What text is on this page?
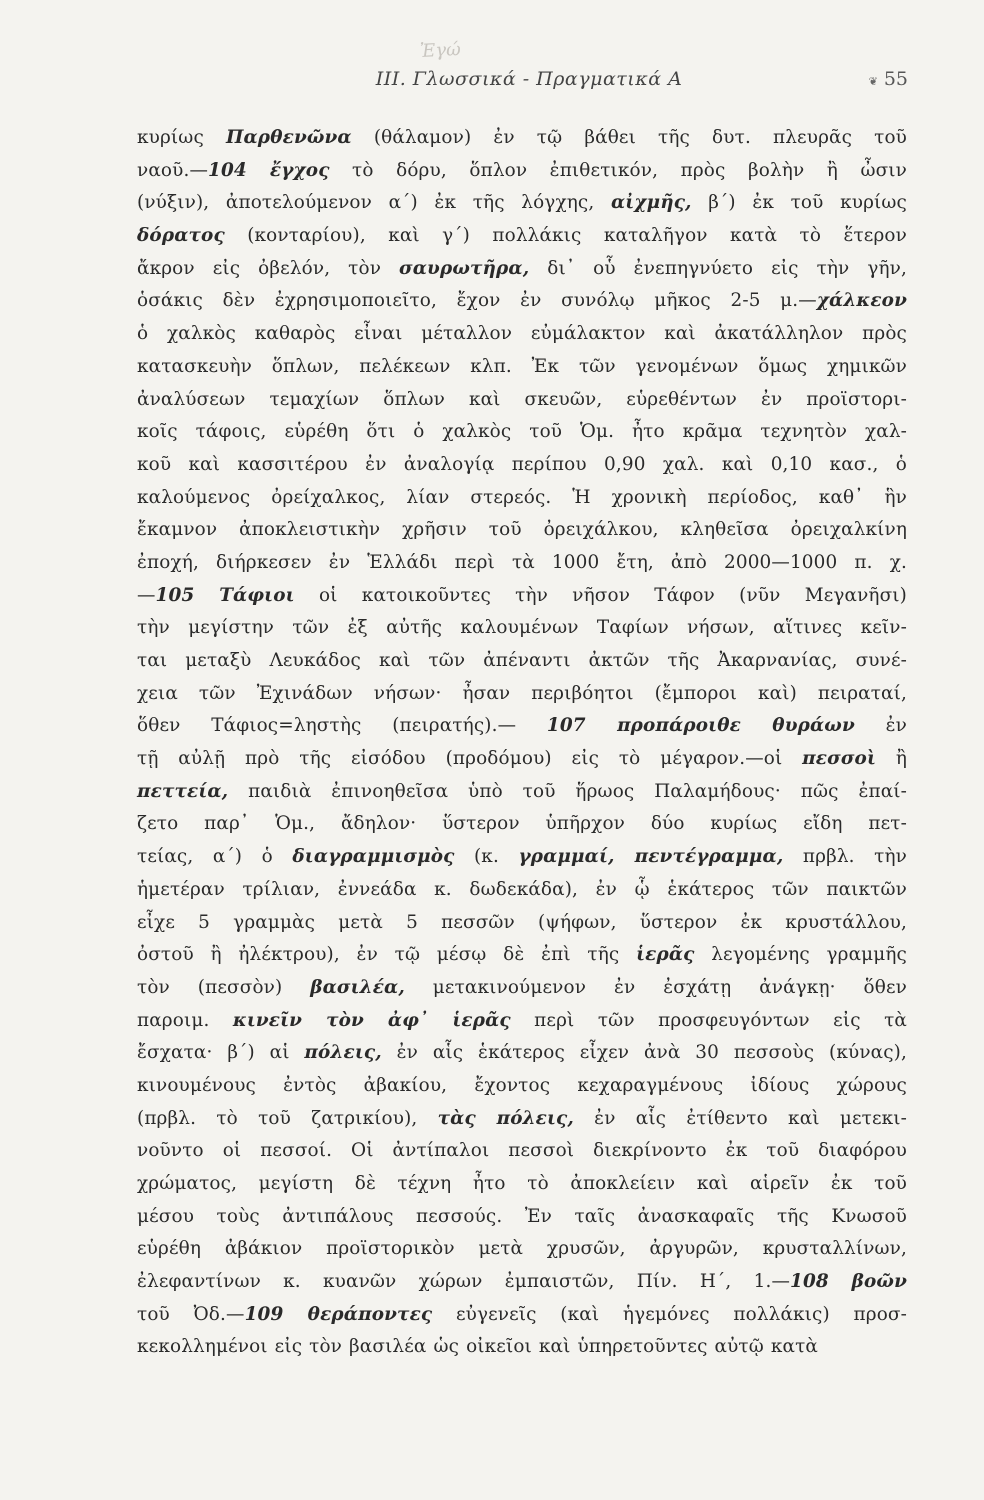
Ἐγώ
III. Γλωσσικά - Πραγματικά Α
❦	55
κυρίως Παρθενῶνα (θάλαμον) ἐν τῷ βάθει τῆς δυτ. πλευρᾶς τοῦ
ναοῦ.—104 ἔγχος τὸ δόρυ, ὅπλον ἐπιθετικόν, πρὸς βολὴν ἢ ὦσιν
(νύξιν), ἀποτελούμενον α΄) ἐκ τῆς λόγχης, αἰχμῆς, β΄) ἐκ τοῦ κυρίως
δόρατος (κονταρίου), καὶ γ΄) πολλάκις καταλῆγον κατὰ τὸ ἕτερον
ἄκρον εἰς ὀβελόν, τὸν σαυρωτῆρα, δι᾽ οὗ ἐνεπηγνύετο εἰς τὴν γῆν,
ὁσάκις δὲν ἐχρησιμοποιεῖτο, ἔχον ἐν συνόλῳ μῆκος 2-5 μ.—χάλκεον
ὁ χαλκὸς καθαρὸς εἶναι μέταλλον εὐμάλακτον καὶ ἀκατάλληλον πρὸς
κατασκευὴν ὅπλων, πελέκεων κλπ. Ἐκ τῶν γενομένων ὅμως χημικῶν
ἀναλύσεων τεμαχίων ὅπλων καὶ σκευῶν, εὑρεθέντων ἐν προϊστορι-
κοῖς τάφοις, εὑρέθη ὅτι ὁ χαλκὸς τοῦ Ὁμ. ἦτο κρᾶμα τεχνητὸν χαλ-
κοῦ καὶ κασσιτέρου ἐν ἀναλογίᾳ περίπου 0,90 χαλ. καὶ 0,10 κασ., ὁ
καλούμενος ὀρείχαλκος, λίαν στερεός. Ἡ χρονικὴ περίοδος, καθ᾽ ἣν
ἔκαμνον ἀποκλειστικὴν χρῆσιν τοῦ ὀρειχάλκου, κληθεῖσα ὀρειχαλκίνη
ἐποχή, διήρκεσεν ἐν Ἑλλάδι περὶ τὰ 1000 ἔτη, ἀπὸ 2000—1000 π. χ.
—105 Τάφιοι οἱ κατοικοῦντες τὴν νῆσον Τάφον (νῦν Μεγανῆσι)
τὴν μεγίστην τῶν ἐξ αὐτῆς καλουμένων Ταφίων νήσων, αἵτινες κεῖν-
ται μεταξὺ Λευκάδος καὶ τῶν ἀπέναντι ἀκτῶν τῆς Ἀκαρνανίας, συνέ-
χεια τῶν Ἐχινάδων νήσων· ἦσαν περιβόητοι (ἔμποροι καὶ) πειραταί,
ὅθεν Τάφιος=ληστὴς (πειρατής).— 107 προπάροιθε θυράων ἐν
τῇ αὐλῇ πρὸ τῆς εἰσόδου (προδόμου) εἰς τὸ μέγαρον.—οἱ πεσσοὶ ἢ
πεττεία, παιδιὰ ἐπινοηθεῖσα ὑπὸ τοῦ ἥρωος Παλαμήδους· πῶς ἐπαί-
ζετο παρ᾽ Ὁμ., ἄδηλον· ὕστερον ὑπῆρχον δύο κυρίως εἴδη πετ-
τείας, α΄) ὁ διαγραμμισμὸς (κ. γραμμαί, πεντέγραμμα, πρβλ. τὴν
ἡμετέραν τρίλιαν, ἐννεάδα κ. δωδεκάδα), ἐν ᾧ ἑκάτερος τῶν παικτῶν
εἶχε 5 γραμμὰς μετὰ 5 πεσσῶν (ψήφων, ὕστερον ἐκ κρυστάλλου,
ὀστοῦ ἢ ἠλέκτρου), ἐν τῷ μέσῳ δὲ ἐπὶ τῆς ἱερᾶς λεγομένης γραμμῆς
τὸν (πεσσὸν) βασιλέα, μετακινούμενον ἐν ἐσχάτῃ ἀνάγκῃ· ὅθεν
παροιμ. κινεῖν τὸν ἀφ᾽ ἱερᾶς περὶ τῶν προσφευγόντων εἰς τὰ
ἔσχατα· β΄) αἱ πόλεις, ἐν αἷς ἑκάτερος εἶχεν ἀνὰ 30 πεσσοὺς (κύνας),
κινουμένους ἐντὸς ἀβακίου, ἔχοντος κεχαραγμένους ἰδίους χώρους
(πρβλ. τὸ τοῦ ζατρικίου), τὰς πόλεις, ἐν αἷς ἐτίθεντο καὶ μετεκι-
νοῦντο οἱ πεσσοί. Οἱ ἀντίπαλοι πεσσοὶ διεκρίνοντο ἐκ τοῦ διαφόρου
χρώματος, μεγίστη δὲ τέχνη ἦτο τὸ ἀποκλείειν καὶ αἱρεῖν ἐκ τοῦ
μέσου τοὺς ἀντιπάλους πεσσούς. Ἐν ταῖς ἀνασκαφαῖς τῆς Κνωσοῦ
εὑρέθη ἀβάκιον προϊστορικὸν μετὰ χρυσῶν, ἀργυρῶν, κρυσταλλίνων,
ἐλεφαντίνων κ. κυανῶν χώρων ἐμπαιστῶν, Πίν. Η΄, 1.—108 βοῶν
τοῦ Ὀδ.—109 θεράποντες εὐγενεῖς (καὶ ἡγεμόνες πολλάκις) προσ-
κεκολλημένοι εἰς τὸν βασιλέα ὡς οἰκεῖοι καὶ ὑπηρετοῦντες αὐτῷ κατὰ
